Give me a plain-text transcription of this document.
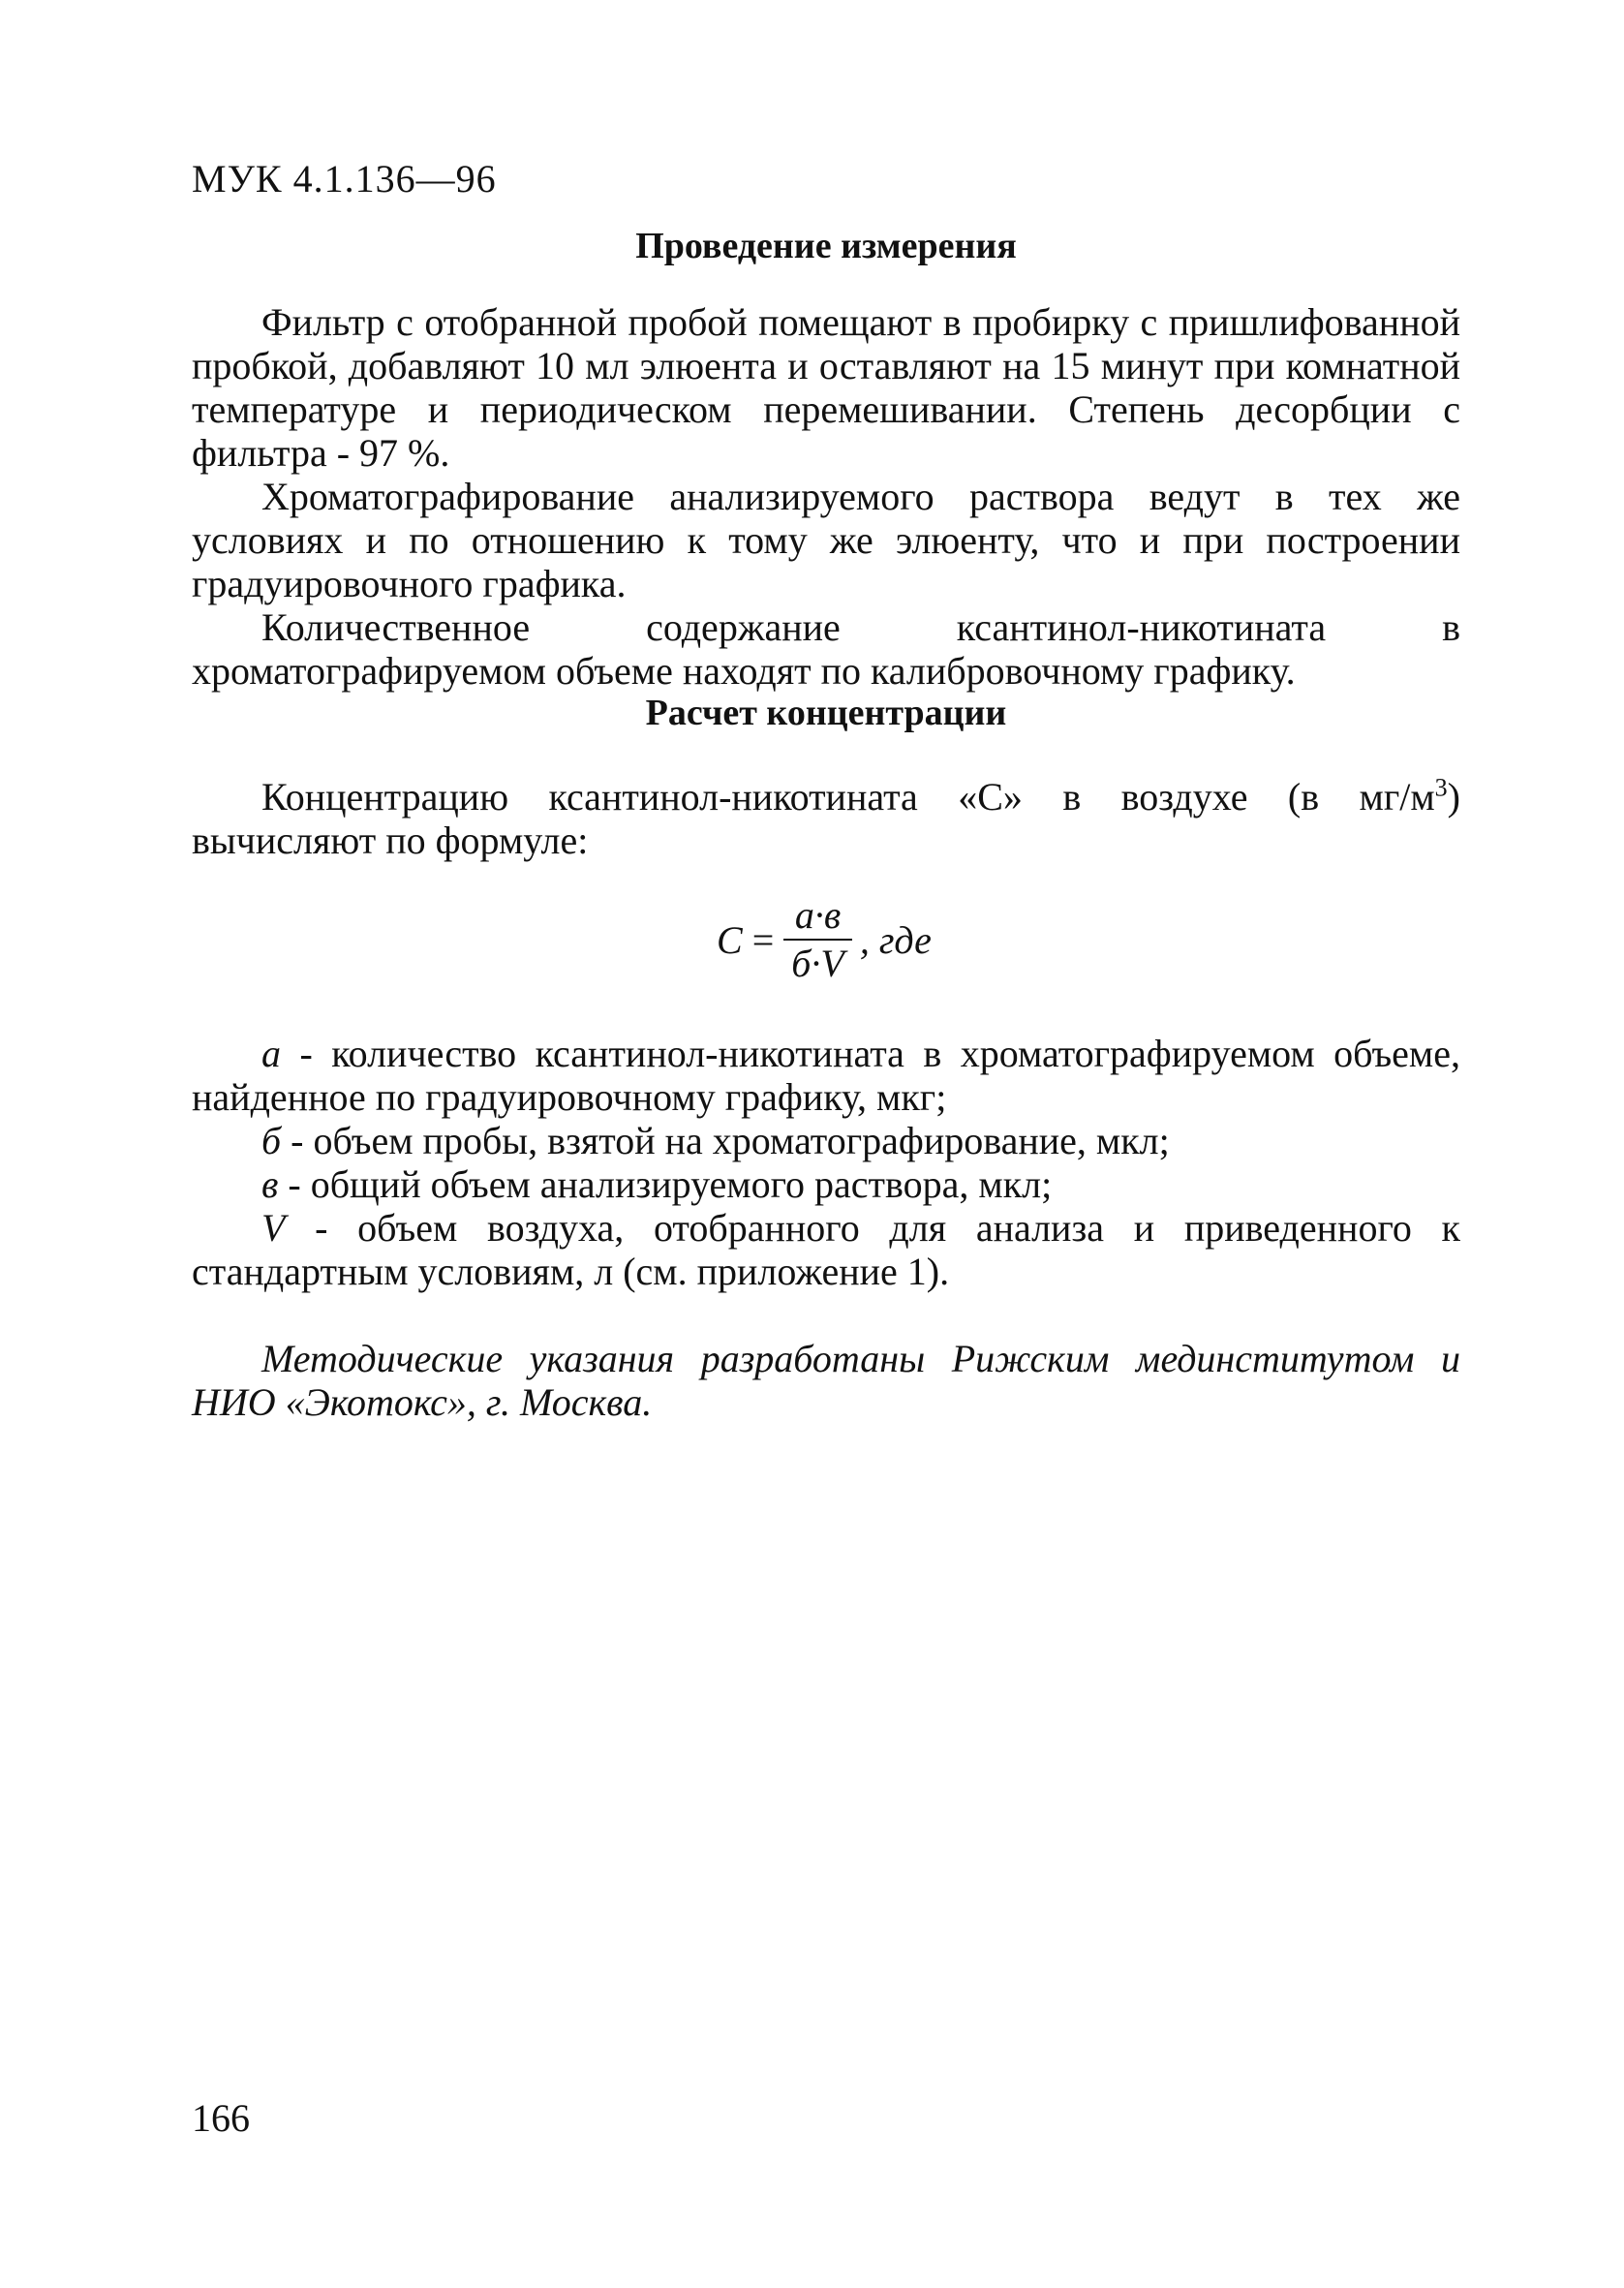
МУК 4.1.136—96

Проведение измерения

Фильтр с отобранной пробой помещают в пробирку с пришлифованной пробкой, добавляют 10 мл элюента и оставляют на 15 минут при комнатной температуре и периодическом перемешивании. Степень десорбции с фильтра - 97 %.

Хроматографирование анализируемого раствора ведут в тех же условиях и по отношению к тому же элюенту, что и при построении градуировочного графика.

Количественное содержание ксантинол-никотината в хроматографируемом объеме находят по калибровочному графику.

Расчет концентрации

Концентрацию ксантинол-никотината «С» в воздухе (в $мг/м^3$) вычисляют по формуле:

$С = \frac{а\cdot в}{б\cdot V}$ , где

а - количество ксантинол-никотината в хроматографируемом объеме, найденное по градуировочному графику, мкг;

б - объем пробы, взятой на хроматографирование, мкл;

в - общий объем анализируемого раствора, мкл;

V - объем воздуха, отобранного для анализа и приведенного к стандартным условиям, л (см. приложение 1).

Методические указания разработаны Рижским мединститутом и НИО «Экотокс», г. Москва.

166
